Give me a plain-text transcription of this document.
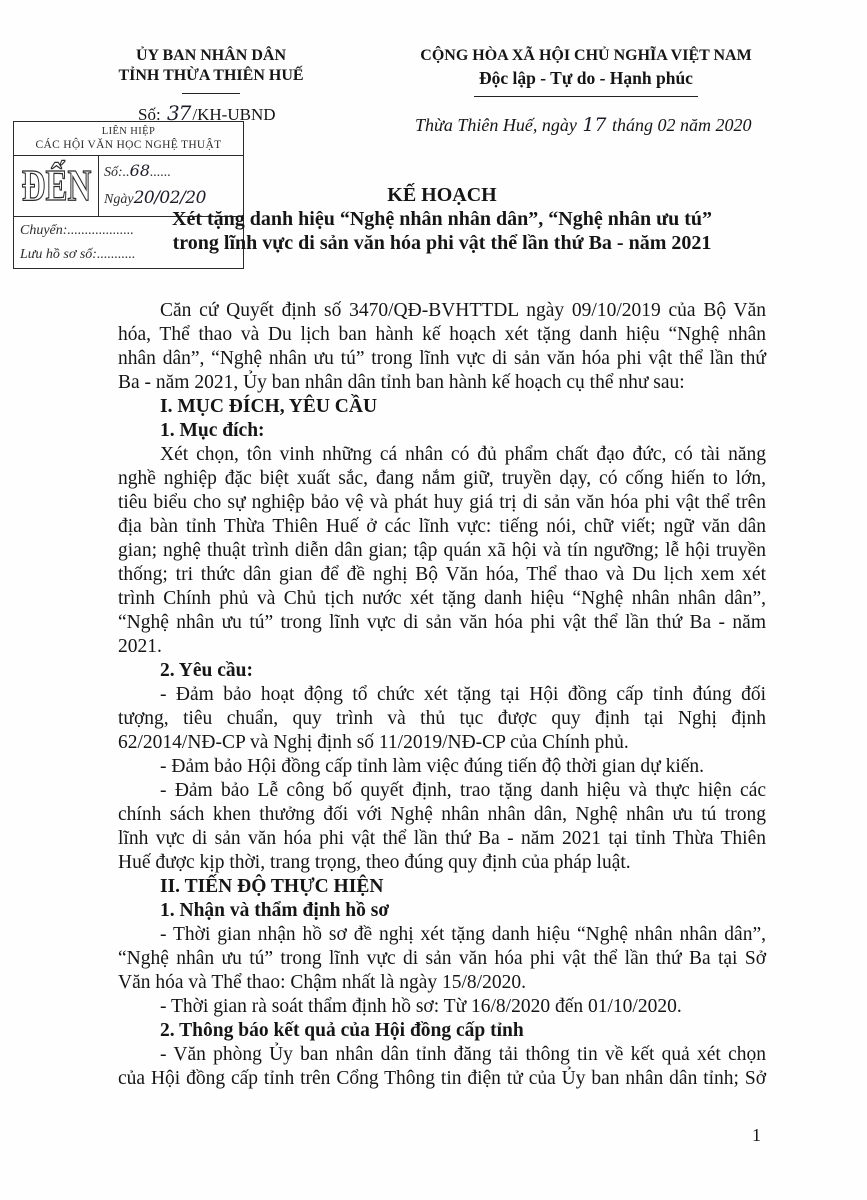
ỦY BAN NHÂN DÂN
TỈNH THỪA THIÊN HUẾ
CỘNG HÒA XÃ HỘI CHỦ NGHĨA VIỆT NAM
Độc lập - Tự do - Hạnh phúc
Số: 37 /KH-UBND
Thừa Thiên Huế, ngày 17 tháng 02 năm 2020
LIÊN HIỆP
CÁC HỘI VĂN HỌC NGHỆ THUẬT
ĐẾN Số:..68......
Ngày20/02/20
Chuyển:...................
Lưu hồ sơ số:...........
KẾ HOẠCH
Xét tặng danh hiệu “Nghệ nhân nhân dân”, “Nghệ nhân ưu tú”
trong lĩnh vực di sản văn hóa phi vật thể lần thứ Ba - năm 2021
Căn cứ Quyết định số 3470/QĐ-BVHTTDL ngày 09/10/2019 của Bộ Văn
hóa, Thể thao và Du lịch ban hành kế hoạch xét tặng danh hiệu “Nghệ nhân
nhân dân”, “Nghệ nhân ưu tú” trong lĩnh vực di sản văn hóa phi vật thể lần thứ
Ba - năm 2021, Ủy ban nhân dân tỉnh ban hành kế hoạch cụ thể như sau:
I. MỤC ĐÍCH, YÊU CẦU
1. Mục đích:
Xét chọn, tôn vinh những cá nhân có đủ phẩm chất đạo đức, có tài năng
nghề nghiệp đặc biệt xuất sắc, đang nắm giữ, truyền dạy, có cống hiến to lớn,
tiêu biểu cho sự nghiệp bảo vệ và phát huy giá trị di sản văn hóa phi vật thể trên
địa bàn tỉnh Thừa Thiên Huế ở các lĩnh vực: tiếng nói, chữ viết; ngữ văn dân
gian; nghệ thuật trình diễn dân gian; tập quán xã hội và tín ngưỡng; lễ hội truyền
thống; tri thức dân gian để đề nghị Bộ Văn hóa, Thể thao và Du lịch xem xét
trình Chính phủ và Chủ tịch nước xét tặng danh hiệu “Nghệ nhân nhân dân”,
“Nghệ nhân ưu tú” trong lĩnh vực di sản văn hóa phi vật thể lần thứ Ba - năm
2021.
2. Yêu cầu:
- Đảm bảo hoạt động tổ chức xét tặng tại Hội đồng cấp tỉnh đúng đối
tượng, tiêu chuẩn, quy trình và thủ tục được quy định tại Nghị định
62/2014/NĐ-CP và Nghị định số 11/2019/NĐ-CP của Chính phủ.
- Đảm bảo Hội đồng cấp tỉnh làm việc đúng tiến độ thời gian dự kiến.
- Đảm bảo Lễ công bố quyết định, trao tặng danh hiệu và thực hiện các
chính sách khen thưởng đối với Nghệ nhân nhân dân, Nghệ nhân ưu tú trong
lĩnh vực di sản văn hóa phi vật thể lần thứ Ba - năm 2021 tại tỉnh Thừa Thiên
Huế được kịp thời, trang trọng, theo đúng quy định của pháp luật.
II. TIẾN ĐỘ THỰC HIỆN
1. Nhận và thẩm định hồ sơ
- Thời gian nhận hồ sơ đề nghị xét tặng danh hiệu “Nghệ nhân nhân dân”,
“Nghệ nhân ưu tú” trong lĩnh vực di sản văn hóa phi vật thể lần thứ Ba tại Sở
Văn hóa và Thể thao: Chậm nhất là ngày 15/8/2020.
- Thời gian rà soát thẩm định hồ sơ: Từ 16/8/2020 đến 01/10/2020.
2. Thông báo kết quả của Hội đồng cấp tỉnh
- Văn phòng Ủy ban nhân dân tỉnh đăng tải thông tin về kết quả xét chọn
của Hội đồng cấp tỉnh trên Cổng Thông tin điện tử của Ủy ban nhân dân tỉnh; Sở
1
